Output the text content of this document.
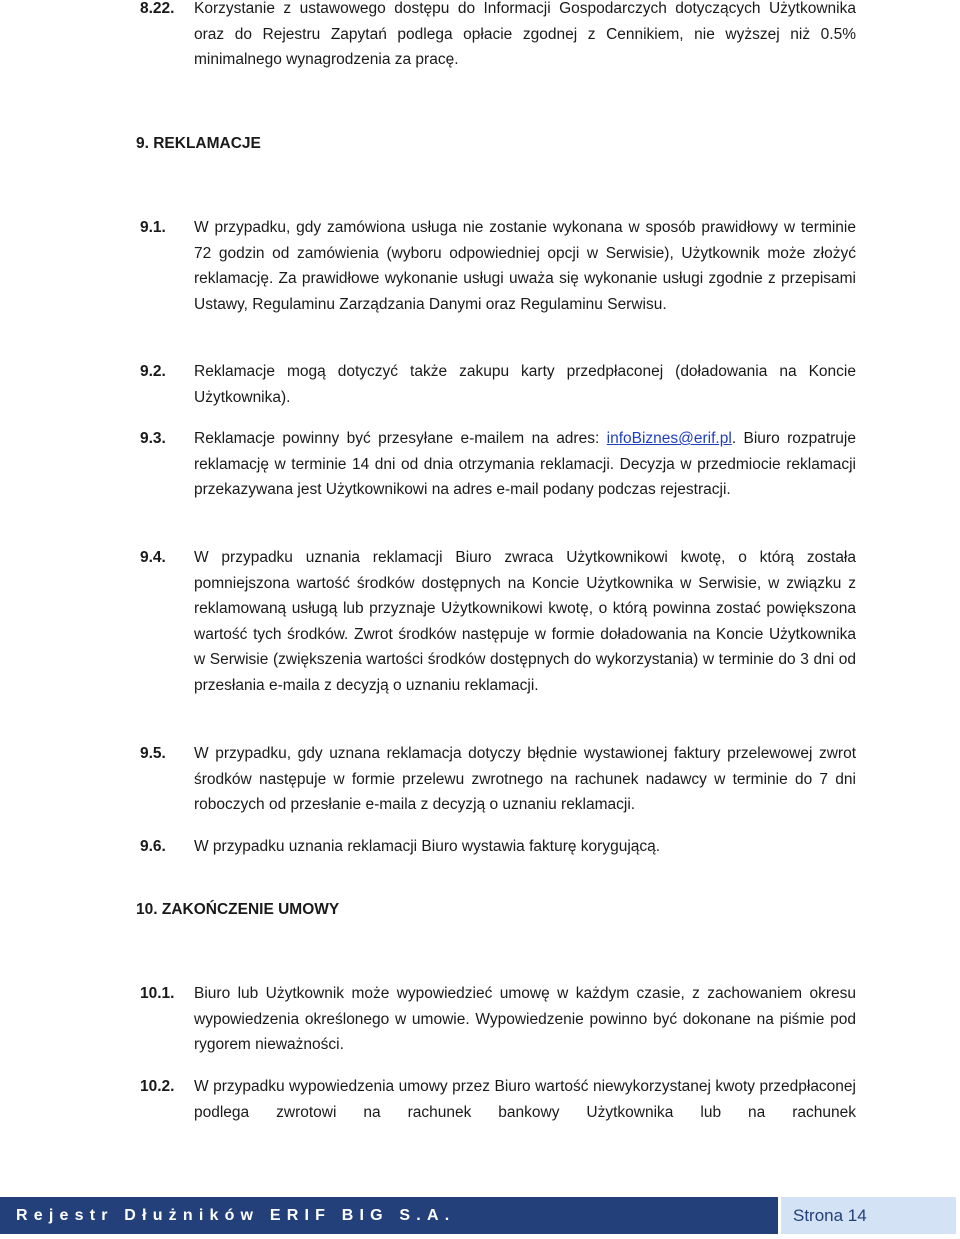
8.22.	Korzystanie z ustawowego dostępu do Informacji Gospodarczych dotyczących Użytkownika oraz do Rejestru Zapytań podlega opłacie zgodnej z Cennikiem, nie wyższej niż 0.5% minimalnego wynagrodzenia za pracę.
9. REKLAMACJE
9.1.	W przypadku, gdy zamówiona usługa nie zostanie wykonana w sposób prawidłowy w terminie 72 godzin od zamówienia (wyboru odpowiedniej opcji w Serwisie), Użytkownik może złożyć reklamację. Za prawidłowe wykonanie usługi uważa się wykonanie usługi zgodnie z przepisami Ustawy, Regulaminu Zarządzania Danymi oraz Regulaminu Serwisu.
9.2.	Reklamacje mogą dotyczyć także zakupu karty przedpłaconej (doładowania na Koncie Użytkownika).
9.3.	Reklamacje powinny być przesyłane e-mailem na adres: infoBiznes@erif.pl. Biuro rozpatruje reklamację w terminie 14 dni od dnia otrzymania reklamacji. Decyzja w przedmiocie reklamacji przekazywana jest Użytkownikowi na adres e-mail podany podczas rejestracji.
9.4.	W przypadku uznania reklamacji Biuro zwraca Użytkownikowi kwotę, o którą została pomniejszona wartość środków dostępnych na Koncie Użytkownika w Serwisie, w związku z reklamowaną usługą lub przyznaje Użytkownikowi kwotę, o którą powinna zostać powiększona wartość tych środków. Zwrot środków następuje w formie doładowania na Koncie Użytkownika w Serwisie (zwiększenia wartości środków dostępnych do wykorzystania) w terminie do 3 dni od przesłania e-maila z decyzją o uznaniu reklamacji.
9.5.	W przypadku, gdy uznana reklamacja dotyczy błędnie wystawionej faktury przelewowej zwrot środków następuje w formie przelewu zwrotnego na rachunek nadawcy w terminie do 7 dni roboczych od przesłanie e-maila z decyzją o uznaniu reklamacji.
9.6.	W przypadku uznania reklamacji Biuro wystawia fakturę korygującą.
10. ZAKOŃCZENIE UMOWY
10.1.	Biuro lub Użytkownik może wypowiedzieć umowę w każdym czasie, z zachowaniem okresu wypowiedzenia określonego w umowie. Wypowiedzenie powinno być dokonane na piśmie pod rygorem nieważności.
10.2.	W przypadku wypowiedzenia umowy przez Biuro wartość niewykorzystanej kwoty przedpłaconej podlega zwrotowi na rachunek bankowy Użytkownika lub na rachunek
Rejestr Dłużników ERIF BIG S.A.	Strona 14
